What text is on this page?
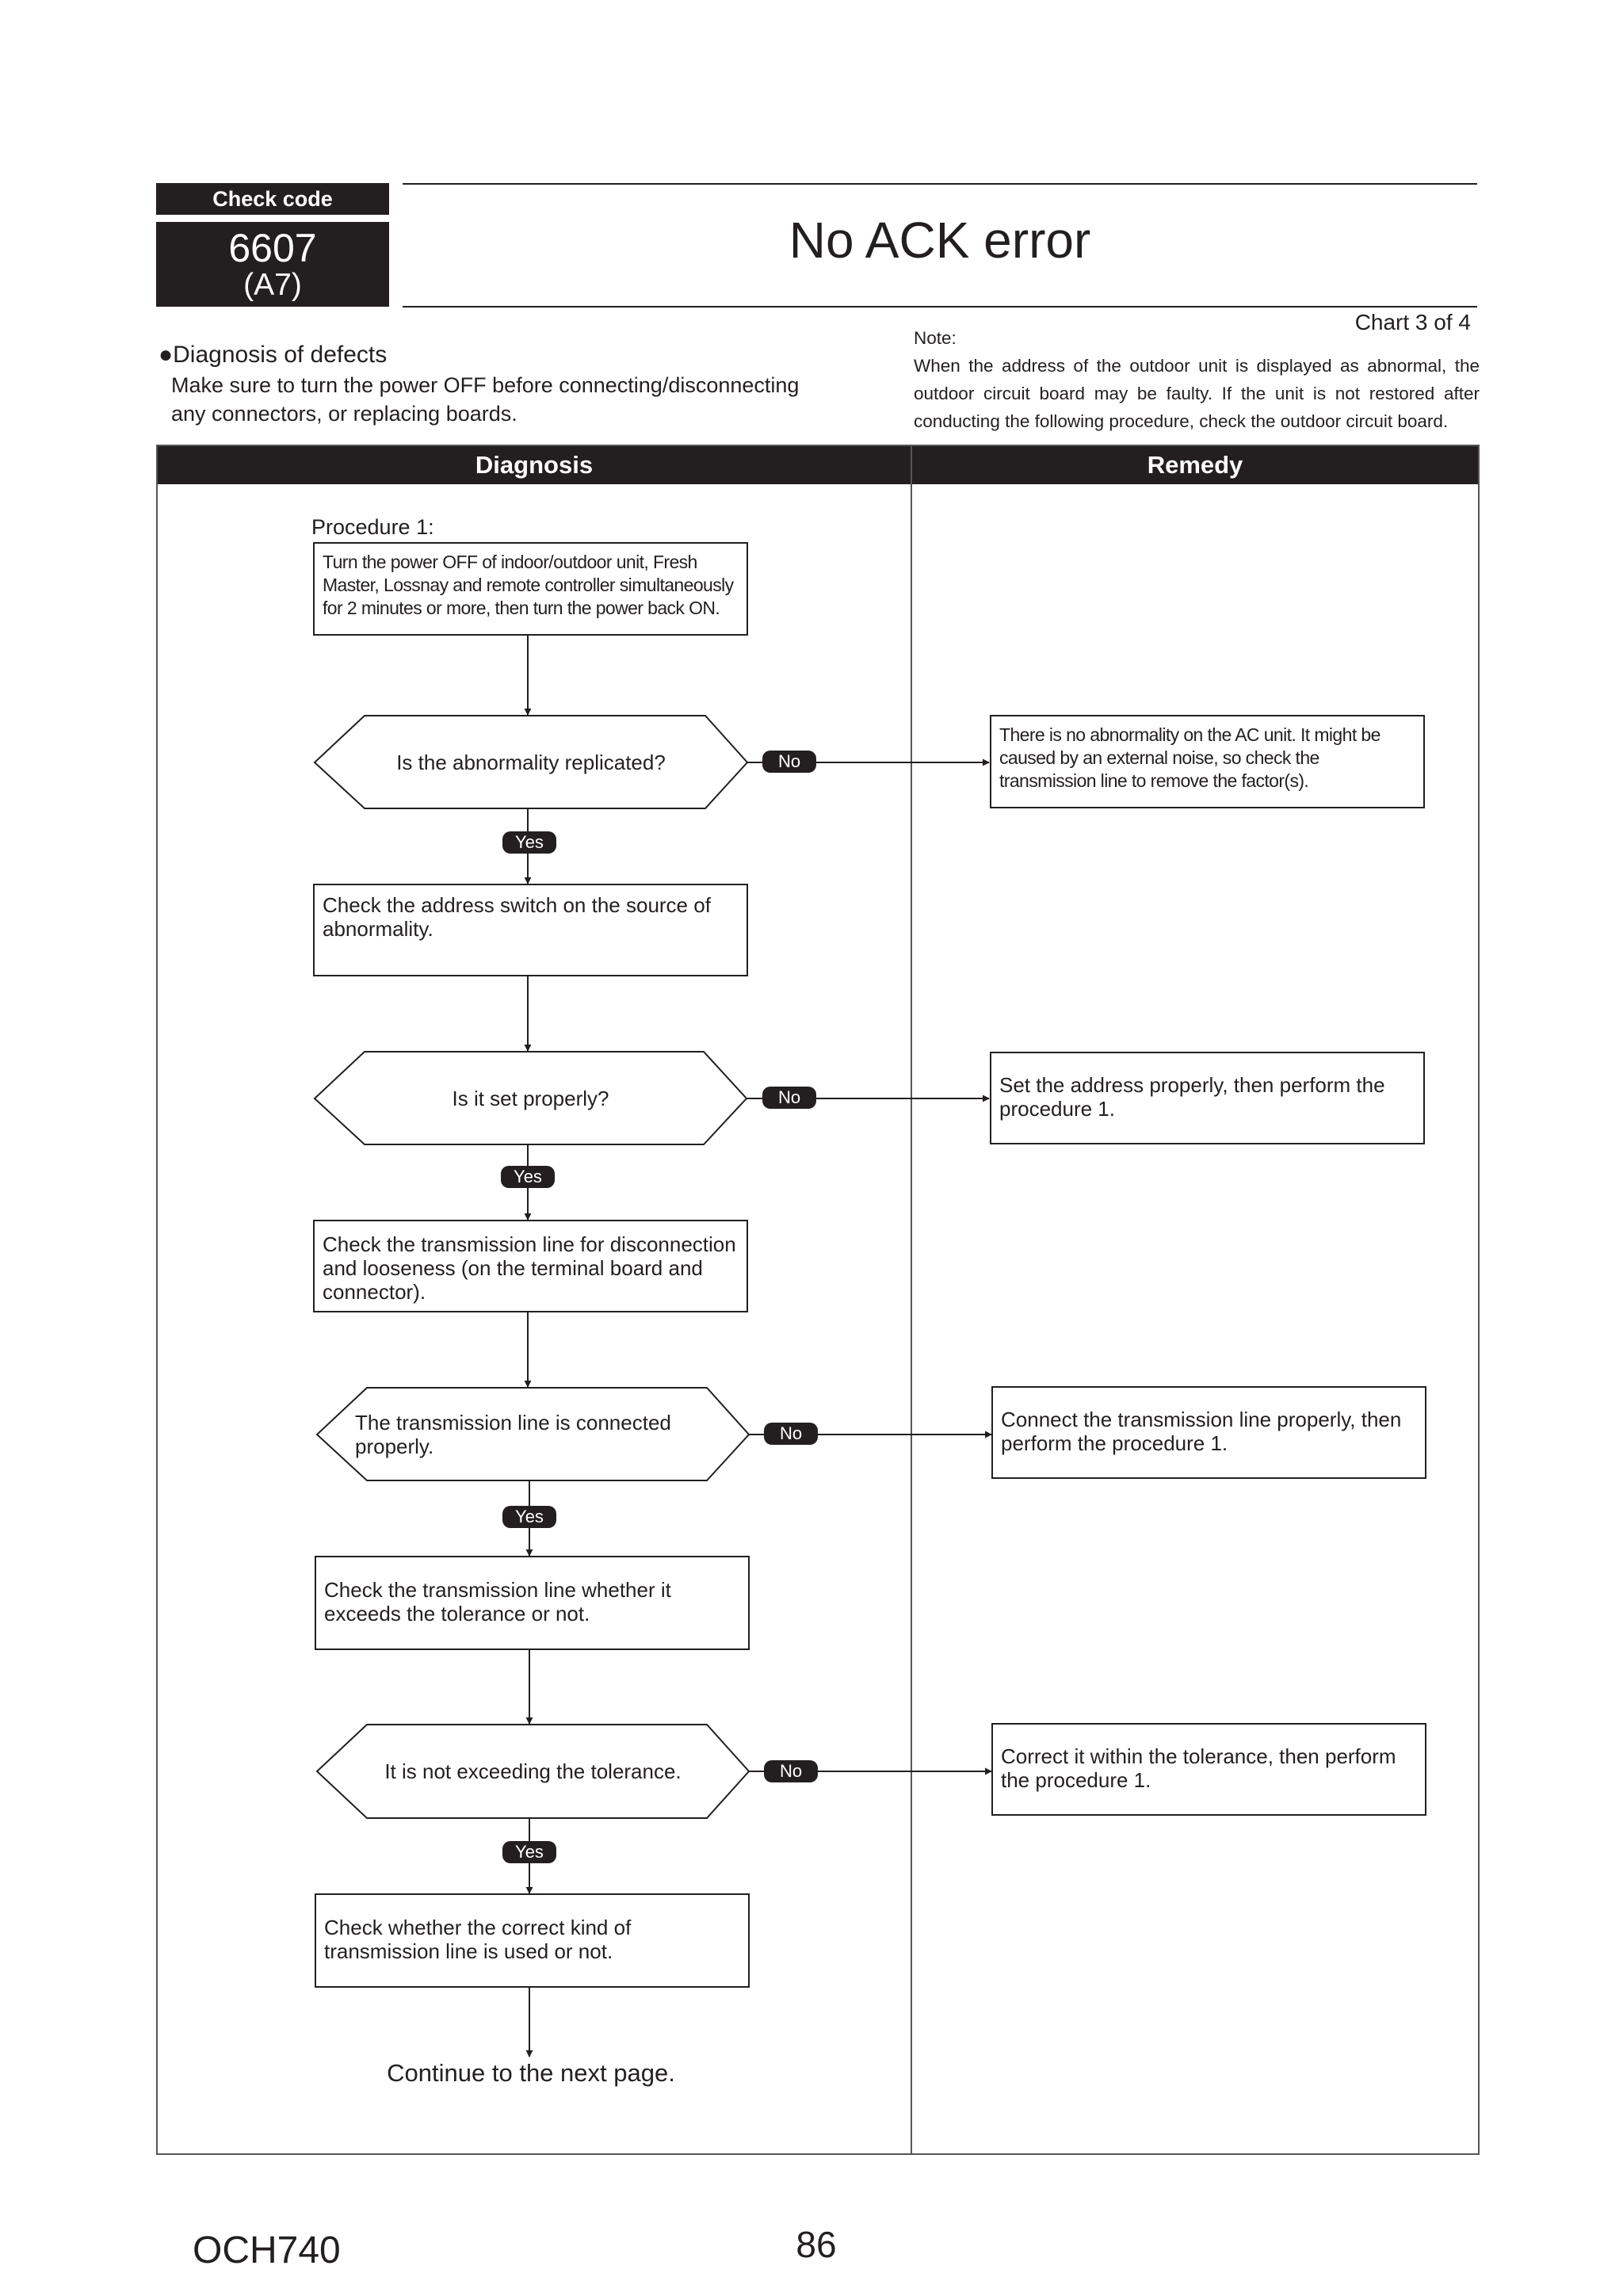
Check code
6607
(A7)
No ACK error
Chart 3 of 4
●Diagnosis of defects
Make sure to turn the power OFF before connecting/disconnecting
any connectors, or replacing boards.
Note:
When the address of the outdoor unit is displayed as abnormal, the outdoor circuit board may be faulty. If the unit is not restored after conducting the following procedure, check the outdoor circuit board.
Diagnosis	Remedy
Procedure 1:
Turn the power OFF of indoor/outdoor unit, Fresh Master, Lossnay and remote controller simultaneously for 2 minutes or more, then turn the power back ON.
Is the abnormality replicated?	No
Yes
Check the address switch on the source of abnormality.
Is it set properly?	No
Yes
Check the transmission line for disconnection and looseness (on the terminal board and connector).
The transmission line is connected properly.
No
Yes
Check the transmission line whether it exceeds the tolerance or not.
It is not exceeding the tolerance.	No
Yes
Check whether the correct kind of transmission line is used or not.
Continue to the next page.
There is no abnormality on the AC unit. It might be caused by an external noise, so check the transmission line to remove the factor(s).
Set the address properly, then perform the procedure 1.
Connect the transmission line properly, then perform the procedure 1.
Correct it within the tolerance, then perform the procedure 1.
OCH740	86
